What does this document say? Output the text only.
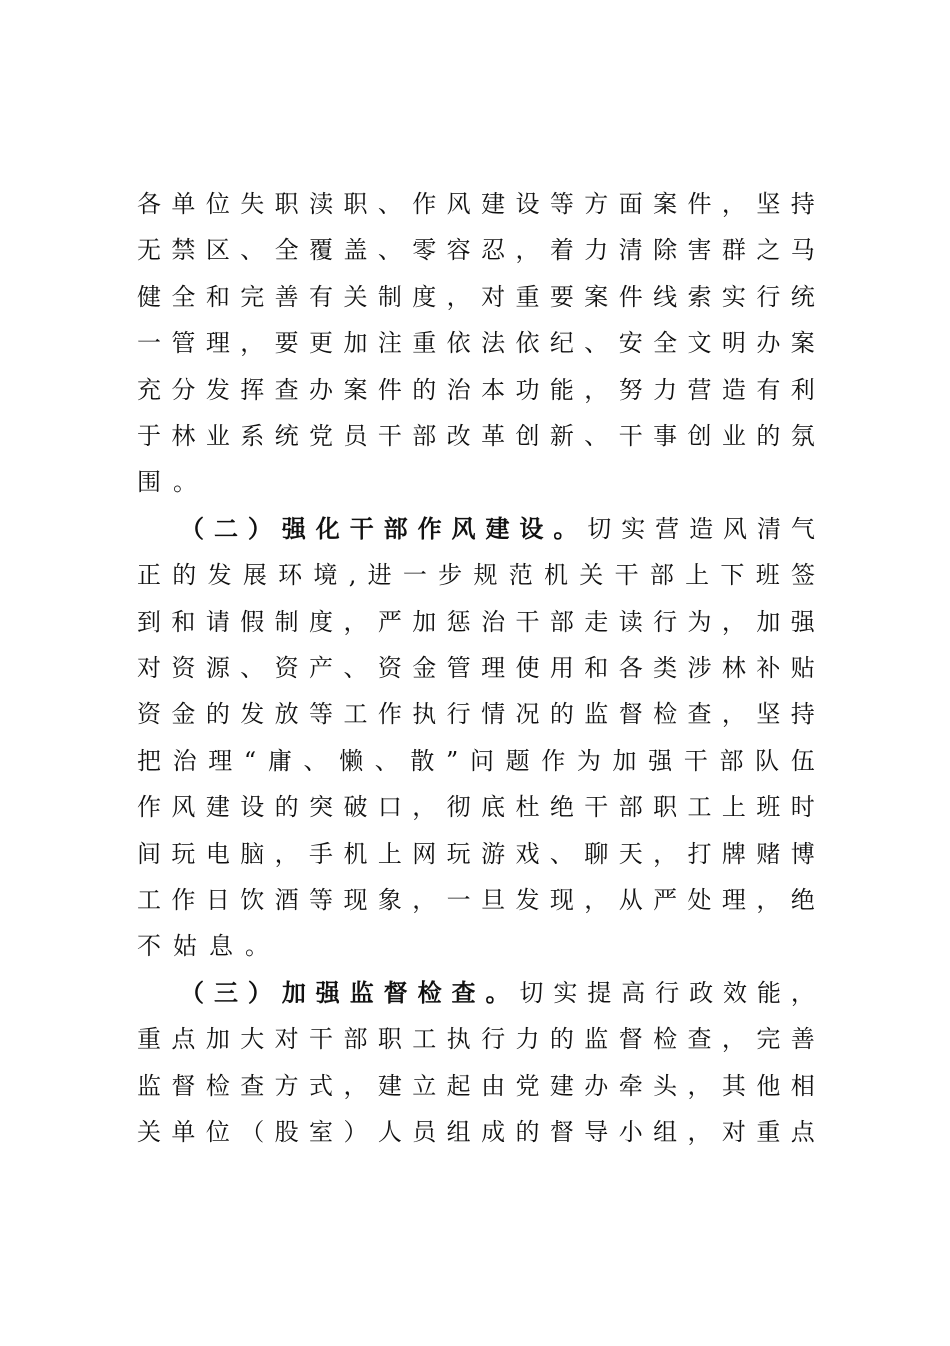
各 单 位 失 职 渎 职 、 作 风 建 设 等 方 面 案 件 ， 坚 持
无 禁 区 、 全 覆 盖 、 零 容 忍 ， 着 力 清 除 害 群 之 马
健 全 和 完 善 有 关 制 度 ， 对 重 要 案 件 线 索 实 行 统
一 管 理 ， 要 更 加 注 重 依 法 依 纪 、 安 全 文 明 办 案
充 分 发 挥 查 办 案 件 的 治 本 功 能 ， 努 力 营 造 有 利
于 林 业 系 统 党 员 干 部 改 革 创 新 、 干 事 创 业 的 氛
围 。
（ 二 ） 强 化 干 部 作 风 建 设 。 切 实 营 造 风 清 气
正 的 发 展 环 境 , 进 一 步 规 范 机 关 干 部 上 下 班 签
到 和 请 假 制 度 ， 严 加 惩 治 干 部 走 读 行 为 ， 加 强
对 资 源 、 资 产 、 资 金 管 理 使 用 和 各 类 涉 林 补 贴
资 金 的 发 放 等 工 作 执 行 情 况 的 监 督 检 查 ， 坚 持
把 治 理 “ 庸 、 懒 、 散 ” 问 题 作 为 加 强 干 部 队 伍
作 风 建 设 的 突 破 口 ， 彻 底 杜 绝 干 部 职 工 上 班 时
间 玩 电 脑 ， 手 机 上 网 玩 游 戏 、 聊 天 ， 打 牌 赌 博
工 作 日 饮 酒 等 现 象 ， 一 旦 发 现 ， 从 严 处 理 ， 绝
不 姑 息 。
（ 三 ） 加 强 监 督 检 查 。 切 实 提 高 行 政 效 能 ，
重 点 加 大 对 干 部 职 工 执 行 力 的 监 督 检 查 ， 完 善
监 督 检 查 方 式 ， 建 立 起 由 党 建 办 牵 头 ， 其 他 相
关 单 位 （ 股 室 ） 人 员 组 成 的 督 导 小 组 ， 对 重 点
